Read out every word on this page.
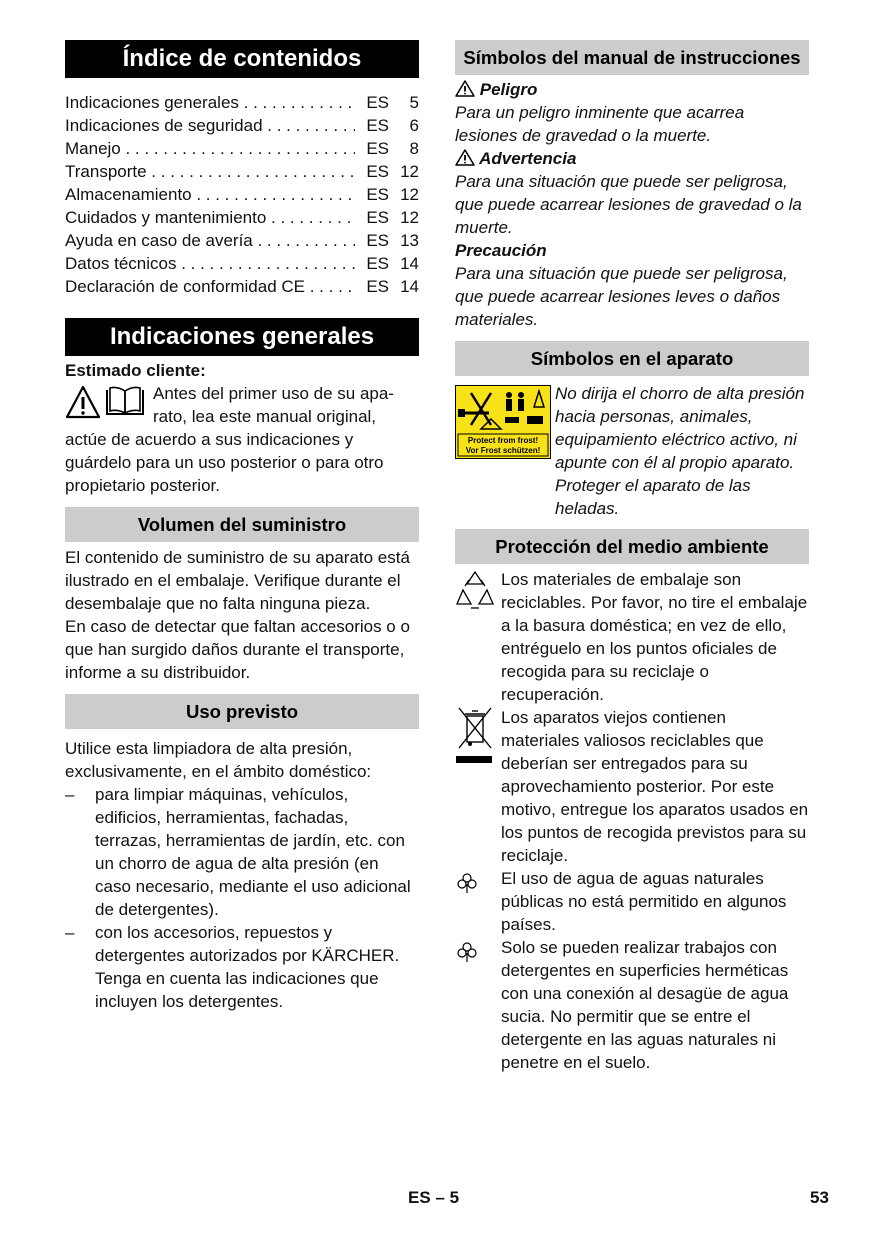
Índice de contenidos
Indicaciones generales . . .	ES	5
Indicaciones de seguridad . . .	ES	6
Manejo . . .	ES	8
Transporte . . .	ES 12
Almacenamiento . . .	ES 12
Cuidados y mantenimiento . . .	ES 12
Ayuda en caso de avería . . .	ES 13
Datos técnicos . . .	ES 14
Declaración de conformidad CE . . .	ES 14
Indicaciones generales

Estimado cliente:

Antes del primer uso de su apa-

rato, lea este manual original,

actúe de acuerdo a sus indicaciones y guárdelo para un uso posterior o para otro propietario posterior.

Volumen del suministro

El contenido de suministro de su aparato está ilustrado en el embalaje. Verifique durante el desembalaje que no falta ninguna pieza.

En caso de detectar que faltan accesorios o o que han surgido daños durante el transporte, informe a su distribuidor.

Uso previsto

Utilice esta limpiadora de alta presión, exclusivamente, en el ámbito doméstico:

–	para limpiar máquinas, vehículos, edificios, herramientas, fachadas, terrazas, herramientas de jardín, etc. con un chorro de agua de alta presión (en caso necesario, mediante el uso adicional de detergentes).
–	con los accesorios, repuestos y detergentes autorizados por KÄRCHER. Tenga en cuenta las indicaciones que incluyen los detergentes.
Símbolos del manual de instrucciones
Peligro

Para un peligro inminente que acarrea lesiones de gravedad o la muerte.

Advertencia

Para una situación que puede ser peligrosa, que puede acarrear lesiones de gravedad o la muerte.

Precaución

Para una situación que puede ser peligrosa, que puede acarrear lesiones leves o daños materiales.

Símbolos en el aparato
Protect from frost!
Vor Frost schützen!

No dirija el chorro de alta presión hacia personas, animales, equipamiento eléctrico activo, ni apunte con él al propio aparato. Proteger el aparato de las heladas.

Protección del medio ambiente

Los materiales de embalaje son reciclables. Por favor, no tire el embalaje a la basura doméstica; en vez de ello, entréguelo en los puntos oficiales de recogida para su reciclaje o recuperación.

Los aparatos viejos contienen materiales valiosos reciclables que deberían ser entregados para su aprovechamiento posterior. Por este motivo, entregue los aparatos usados en los puntos de recogida previstos para su reciclaje.

El uso de agua de aguas naturales públicas no está permitido en algunos países.

Solo se pueden realizar trabajos con detergentes en superficies herméticas con una conexión al desagüe de agua sucia. No permitir que se entre el detergente en las aguas naturales ni penetre en el suelo.

ES – 5	53
